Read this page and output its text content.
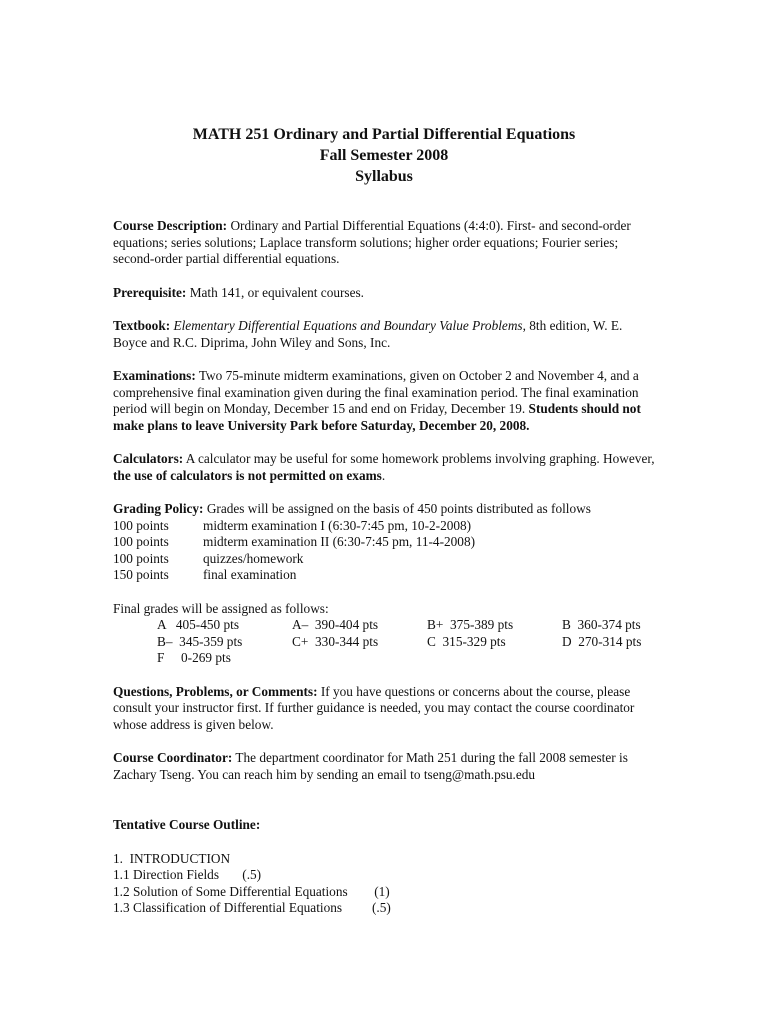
MATH 251 Ordinary and Partial Differential Equations
Fall Semester 2008
Syllabus

Course Description: Ordinary and Partial Differential Equations (4:4:0). First- and second-order equations; series solutions; Laplace transform solutions; higher order equations; Fourier series; second-order partial differential equations.

Prerequisite: Math 141, or equivalent courses.

Textbook: Elementary Differential Equations and Boundary Value Problems, 8th edition, W. E. Boyce and R.C. Diprima, John Wiley and Sons, Inc.

Examinations: Two 75-minute midterm examinations, given on October 2 and November 4, and a comprehensive final examination given during the final examination period. The final examination period will begin on Monday, December 15 and end on Friday, December 19. Students should not make plans to leave University Park before Saturday, December 20, 2008.

Calculators: A calculator may be useful for some homework problems involving graphing. However, the use of calculators is not permitted on exams.

Grading Policy: Grades will be assigned on the basis of 450 points distributed as follows
100 points	midterm examination I (6:30-7:45 pm, 10-2-2008)
100 points	midterm examination II (6:30-7:45 pm, 11-4-2008)
100 points	quizzes/homework
150 points	final examination
Final grades will be assigned as follows:
A   405-450 pts	A–  390-404 pts	B+  375-389 pts	B  360-374 pts
B–  345-359 pts	C+  330-344 pts	C  315-329 pts	D  270-314 pts
F     0-269 pts

Questions, Problems, or Comments: If you have questions or concerns about the course, please consult your instructor first. If further guidance is needed, you may contact the course coordinator whose address is given below.

Course Coordinator: The department coordinator for Math 251 during the fall 2008 semester is Zachary Tseng. You can reach him by sending an email to tseng@math.psu.edu

Tentative Course Outline:

1.  INTRODUCTION
1.1 Direction Fields       (.5)
1.2 Solution of Some Differential Equations        (1)
1.3 Classification of Differential Equations         (.5)
